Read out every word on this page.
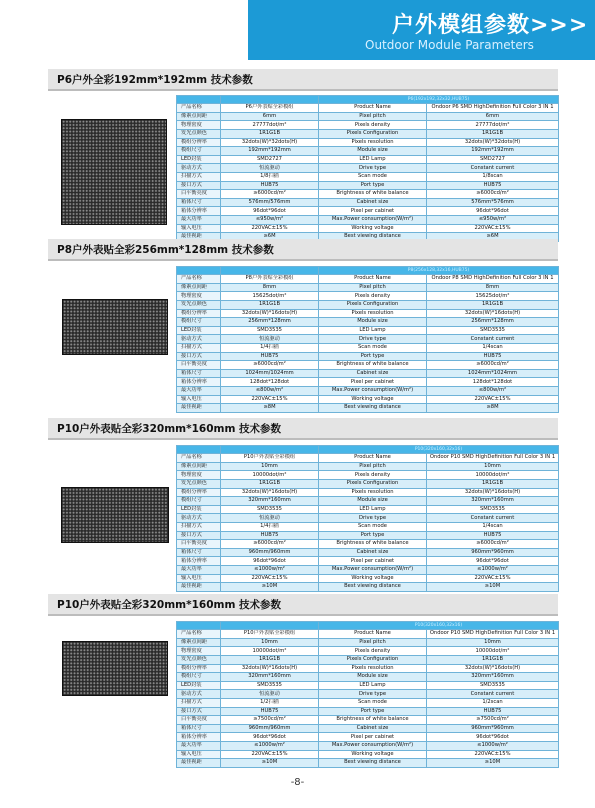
户外模组参数>>>
Outdoor Module Parameters
P6户外全彩192mm*192mm 技术参数
		P6(192x192,32x32,HUB75)	
产品名称	P6户外表贴全彩模组	Product Name	Ondoor P6 SMD HighDefinition Full Color 3 IN 1
像素点间距	6mm	Pixel pitch	6mm
物理密度	27777dot/m²	Pixels density	27777dot/m²
发光点颜色	1R1G1B	Pixels Configuration	1R1G1B
模组分辨率	32dots(W)*32dots(H)	Pixels resolution	32dots(W)*32dots(H)
模组尺寸	192mm*192mm	Module size	192mm*192mm
LED封装	SMD2727	LED Lamp	SMD2727
驱动方式	恒流驱动	Drive type	Constant current
扫描方式	1/8扫描	Scan mode	1/8scan
接口方式	HUB75	Port type	HUB75
白平衡亮度	≥6000cd/m²	Brightness of white balance	≥6000cd/m²
箱体尺寸	576mm/576mm	Cabinet size	576mm*576mm
箱体分辨率	96dot*96dot	Pixel per cabinet	96dot*96dot
最大功率	≤950w/m²	Max.Power consumption(W/m²)	≤950w/m²
输入电压	220VAC±15%	Working voltage	220VAC±15%
最佳视距	≥6M	Best viewing distance	≥6M
P8户外表贴全彩256mm*128mm 技术参数
		P8(256x128,32x16,HUB75)	
产品名称	P8户外表贴全彩模组	Product Name	Ondoor P8 SMD HighDefinition Full Color 3 IN 1
像素点间距	8mm	Pixel pitch	8mm
物理密度	15625dot/m²	Pixels density	15625dot/m²
发光点颜色	1R1G1B	Pixels Configuration	1R1G1B
模组分辨率	32dots(W)*16dots(H)	Pixels resolution	32dots(W)*16dots(H)
模组尺寸	256mm*128mm	Module size	256mm*128mm
LED封装	SMD3535	LED Lamp	SMD3535
驱动方式	恒流驱动	Drive type	Constant current
扫描方式	1/4扫描	Scan mode	1/4scan
接口方式	HUB75	Port type	HUB75
白平衡亮度	≥6000cd/m²	Brightness of white balance	≥6000cd/m²
箱体尺寸	1024mm/1024mm	Cabinet size	1024mm*1024mm
箱体分辨率	128dot*128dot	Pixel per cabinet	128dot*128dot
最大功率	≤800w/m²	Max.Power consumption(W/m²)	≤800w/m²
输入电压	220VAC±15%	Working voltage	220VAC±15%
最佳视距	≥8M	Best viewing distance	≥8M
P10户外表贴全彩320mm*160mm 技术参数
		P10(320x160,32x16)	
产品名称	P10户外表贴全彩模组	Product Name	Ondoor P10 SMD HighDefinition Full Color 3 IN 1
像素点间距	10mm	Pixel pitch	10mm
物理密度	10000dot/m²	Pixels density	10000dot/m²
发光点颜色	1R1G1B	Pixels Configuration	1R1G1B
模组分辨率	32dots(W)*16dots(H)	Pixels resolution	32dots(W)*16dots(H)
模组尺寸	320mm*160mm	Module size	320mm*160mm
LED封装	SMD3535	LED Lamp	SMD3535
驱动方式	恒流驱动	Drive type	Constant current
扫描方式	1/4扫描	Scan mode	1/4scan
接口方式	HUB75	Port type	HUB75
白平衡亮度	≥6000cd/m²	Brightness of white balance	≥6000cd/m²
箱体尺寸	960mm/960mm	Cabinet size	960mm*960mm
箱体分辨率	96dot*96dot	Pixel per cabinet	96dot*96dot
最大功率	≤1000w/m²	Max.Power consumption(W/m²)	≤1000w/m²
输入电压	220VAC±15%	Working voltage	220VAC±15%
最佳视距	≥10M	Best viewing distance	≥10M
P10户外表贴全彩320mm*160mm 技术参数
		P10(320x160,32x16)	
产品名称	P10户外表贴全彩模组	Product Name	Ondoor P10 SMD HighDefinition Full Color 3 IN 1
像素点间距	10mm	Pixel pitch	10mm
物理密度	10000dot/m²	Pixels density	10000dot/m²
发光点颜色	1R1G1B	Pixels Configuration	1R1G1B
模组分辨率	32dots(W)*16dots(H)	Pixels resolution	32dots(W)*16dots(H)
模组尺寸	320mm*160mm	Module size	320mm*160mm
LED封装	SMD3535	LED Lamp	SMD3535
驱动方式	恒流驱动	Drive type	Constant current
扫描方式	1/2扫描	Scan mode	1/2scan
接口方式	HUB75	Port type	HUB75
白平衡亮度	≥7500cd/m²	Brightness of white balance	≥7500cd/m²
箱体尺寸	960mm/960mm	Cabinet size	960mm*960mm
箱体分辨率	96dot*96dot	Pixel per cabinet	96dot*96dot
最大功率	≤1000w/m²	Max.Power consumption(W/m²)	≤1000w/m²
输入电压	220VAC±15%	Working voltage	220VAC±15%
最佳视距	≥10M	Best viewing distance	≥10M
-8-
